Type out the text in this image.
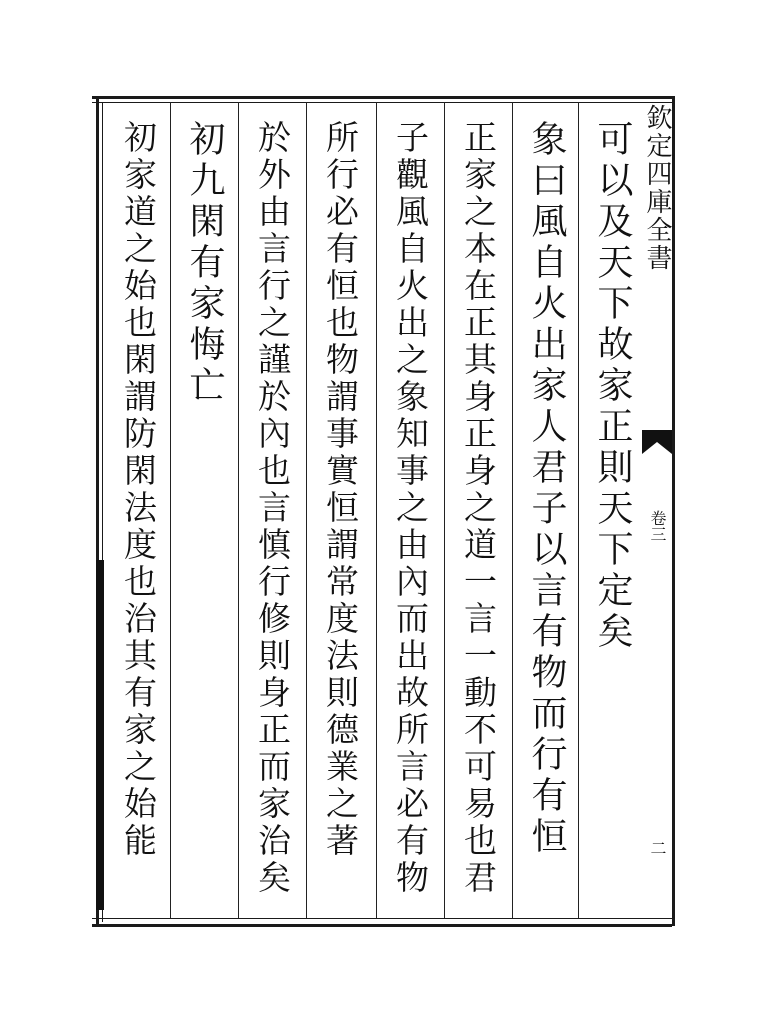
欽定四庫全書
卷三
二
可以及天下故家正則天下定矣
象曰風自火出家人君子以言有物而行有恒
正家之本在正其身正身之道一言一動不可易也君
子觀風自火出之象知事之由內而出故所言必有物
所行必有恒也物謂事實恒謂常度法則德業之著
於外由言行之謹於內也言慎行修則身正而家治矣
初九閑有家悔亡
初家道之始也閑謂防閑法度也治其有家之始能
